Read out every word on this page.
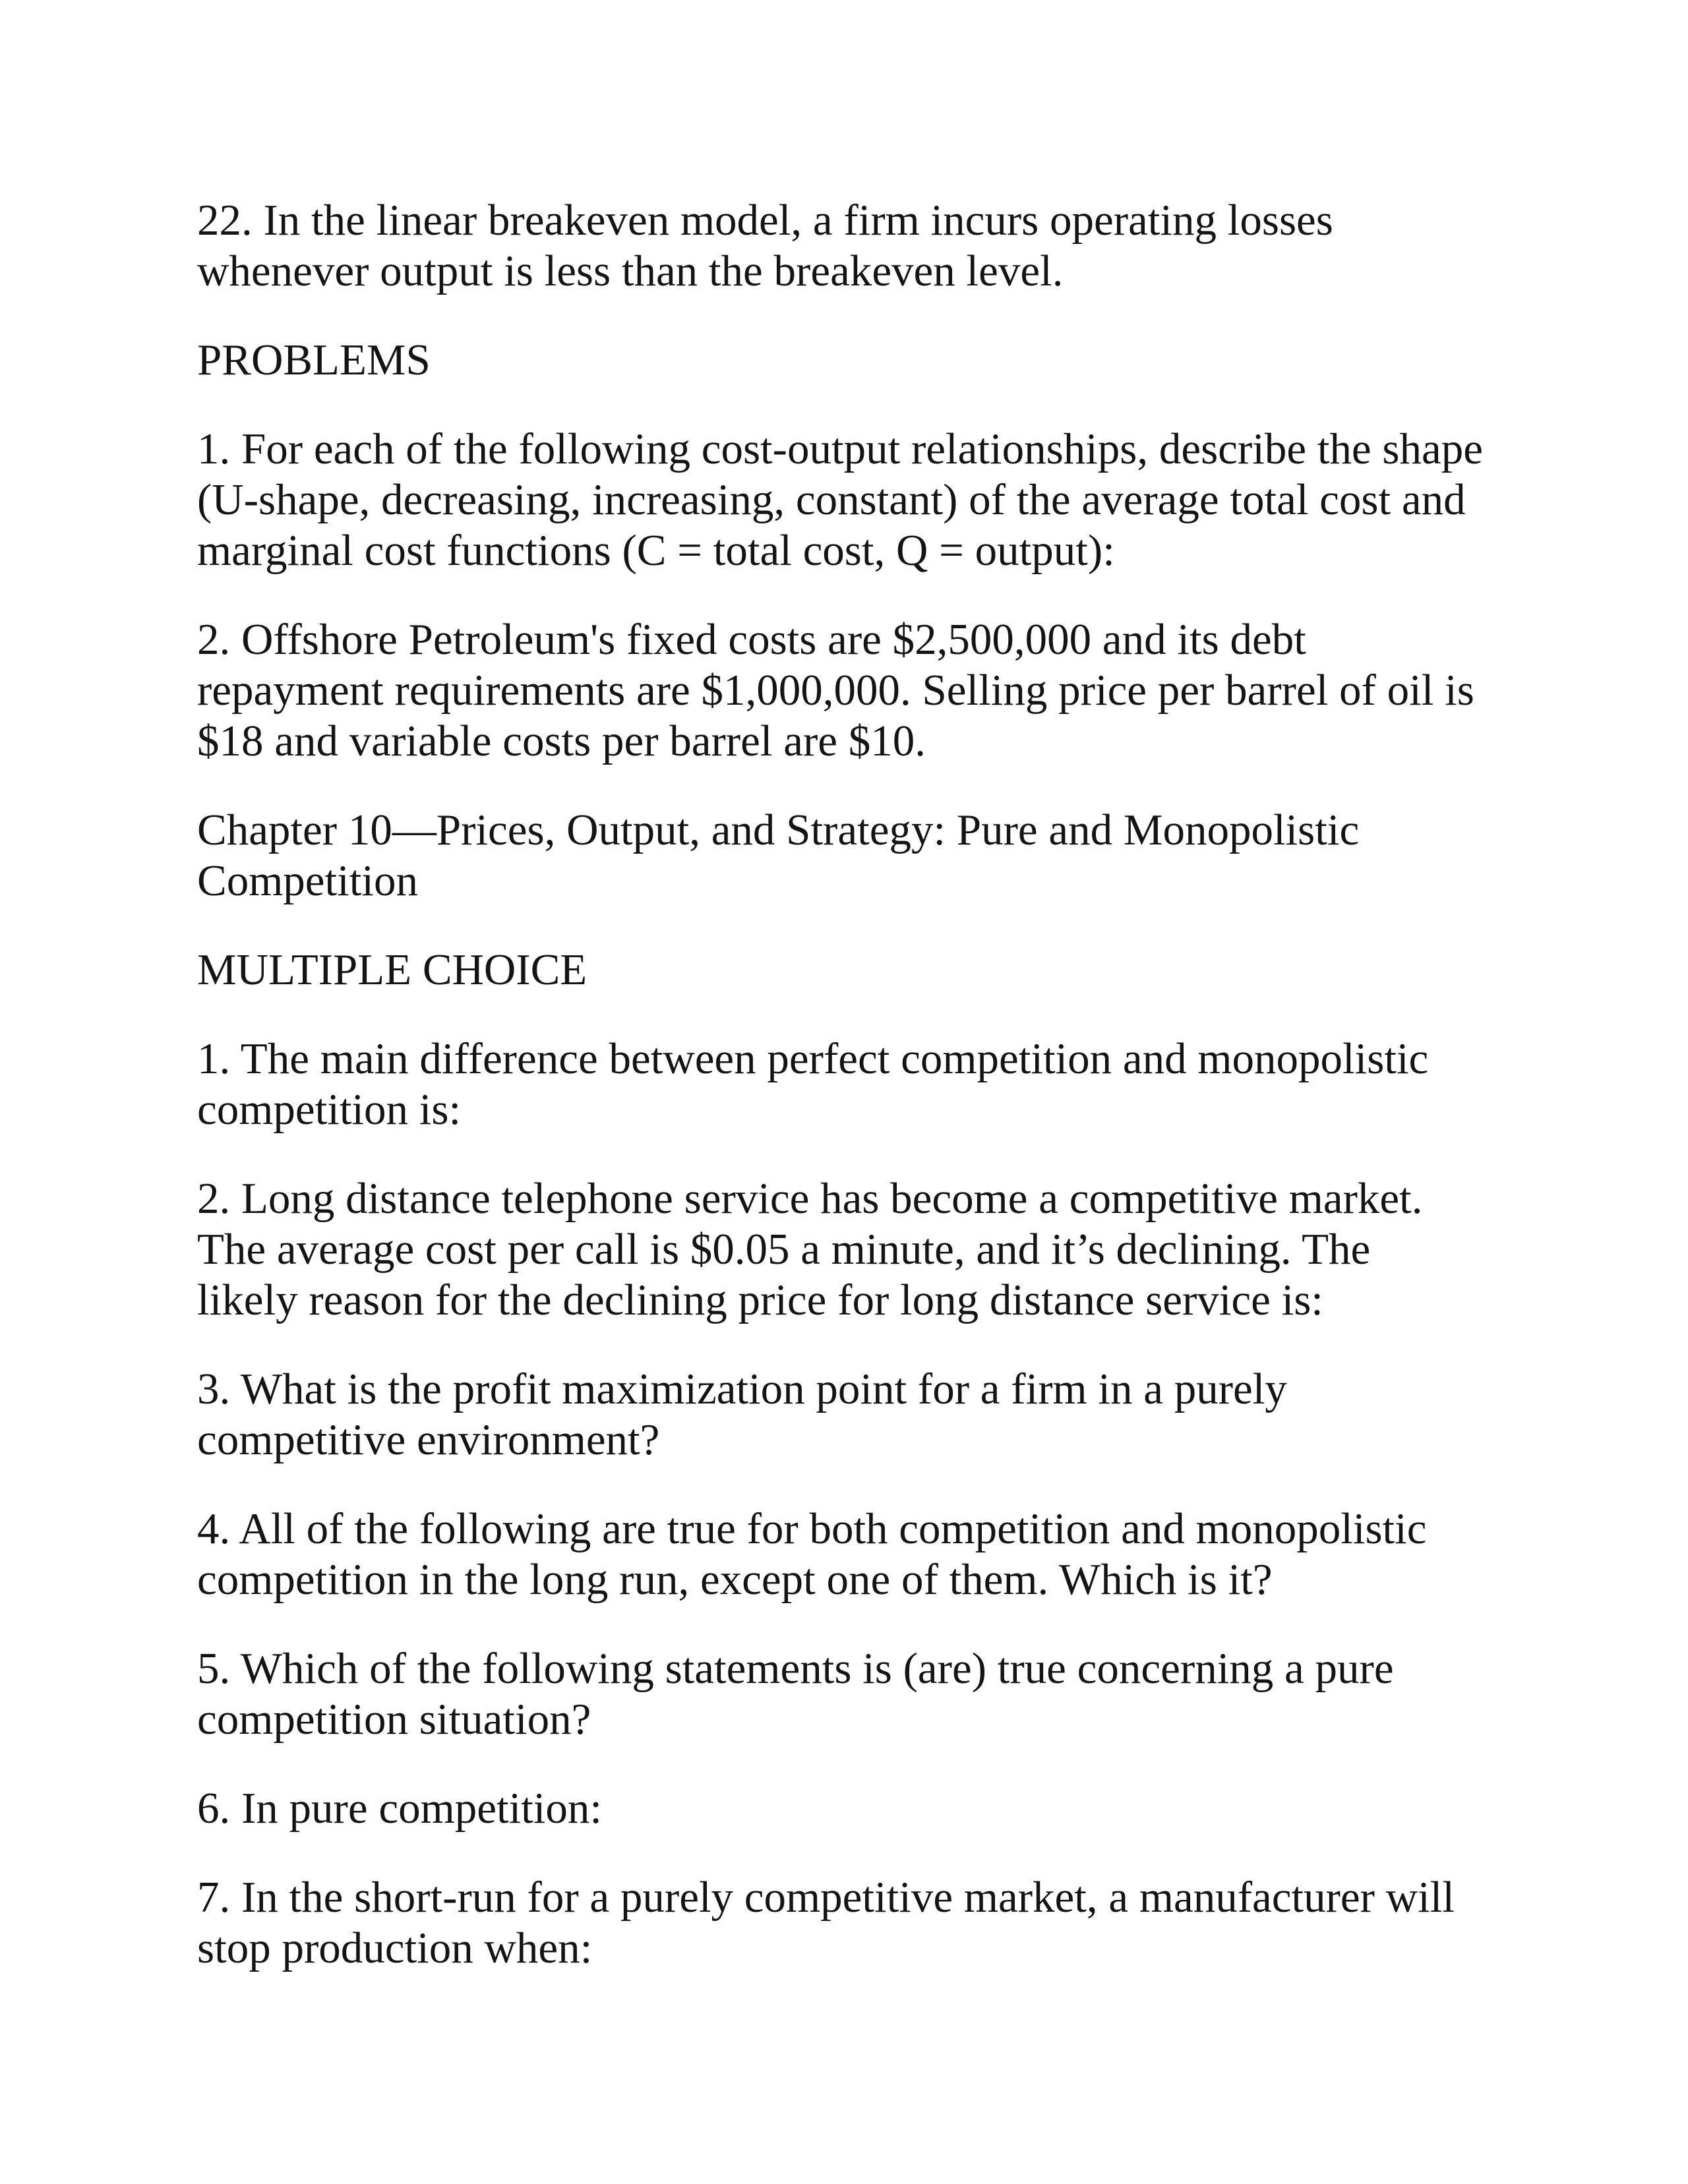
22. In the linear breakeven model, a firm incurs operating losses
whenever output is less than the breakeven level.

PROBLEMS

1. For each of the following cost-output relationships, describe the shape
(U-shape, decreasing, increasing, constant) of the average total cost and
marginal cost functions (C = total cost, Q = output):

2. Offshore Petroleum's fixed costs are $2,500,000 and its debt
repayment requirements are $1,000,000. Selling price per barrel of oil is
$18 and variable costs per barrel are $10.

Chapter 10—Prices, Output, and Strategy: Pure and Monopolistic
Competition

MULTIPLE CHOICE

1. The main difference between perfect competition and monopolistic
competition is:

2. Long distance telephone service has become a competitive market.
The average cost per call is $0.05 a minute, and it’s declining. The
likely reason for the declining price for long distance service is:

3. What is the profit maximization point for a firm in a purely
competitive environment?

4. All of the following are true for both competition and monopolistic
competition in the long run, except one of them. Which is it?

5. Which of the following statements is (are) true concerning a pure
competition situation?

6. In pure competition:

7. In the short-run for a purely competitive market, a manufacturer will
stop production when:
